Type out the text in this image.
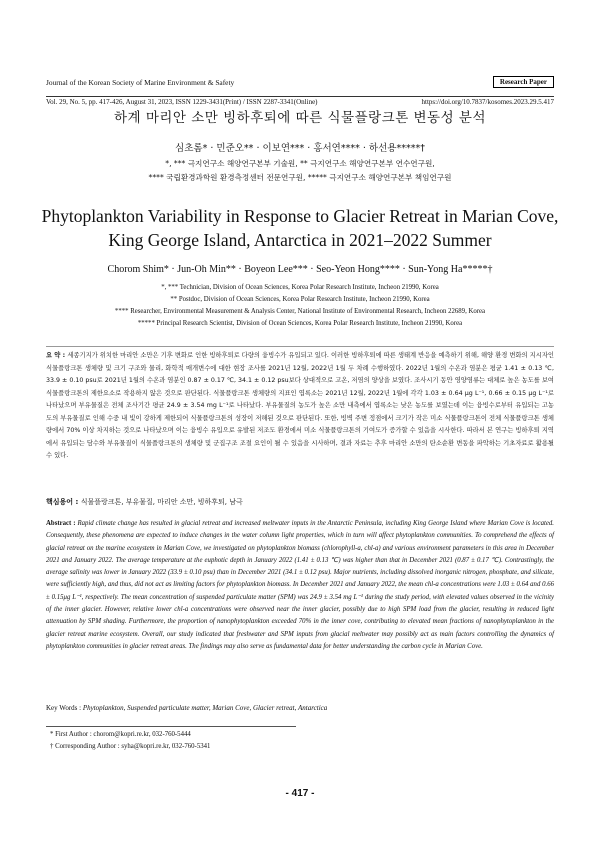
Journal of the Korean Society of Marine Environment & Safety	Research Paper
Vol. 29, No. 5, pp. 417-426, August 31, 2023, ISSN 1229-3431(Print) / ISSN 2287-3341(Online)	https://doi.org/10.7837/kosomes.2023.29.5.417
하계 마리안 소만 빙하후퇴에 따른 식물플랑크톤 변동성 분석
심초롬* · 민준오** · 이보연*** · 홍서연**** · 하선용*****†
*, *** 극지연구소 해양연구본부 기술원, ** 극지연구소 해양연구본부 연수연구원,
**** 국립환경과학원 환경측정센터 전문연구원, ***** 극지연구소 해양연구본부 책임연구원
Phytoplankton Variability in Response to Glacier Retreat in Marian Cove,
King George Island, Antarctica in 2021–2022 Summer
Chorom Shim* · Jun-Oh Min** · Boyeon Lee*** · Seo-Yeon Hong**** · Sun-Yong Ha*****†
*, *** Technician, Division of Ocean Sciences, Korea Polar Research Institute, Incheon 21990, Korea
** Postdoc, Division of Ocean Sciences, Korea Polar Research Institute, Incheon 21990, Korea
**** Researcher, Environmental Measurement & Analysis Center, National Institute of Environmental Research, Incheon 22689, Korea
***** Principal Research Scientist, Division of Ocean Sciences, Korea Polar Research Institute, Incheon 21990, Korea
요 약 : 세종기지가 위치한 마리안 소만은 기후 변화로 인한 빙하후퇴로 다량의 융빙수가 유입되고 있다. 이러한 빙하후퇴에 따른 생태계 반응을 예측하기 위해, 해양 환경 변화의 지시자인 식물플랑크톤 생체량 및 크기 구조와 물리, 화학적 매개변수에 대한 현장 조사를 2021년 12월, 2022년 1월 두 차례 수행하였다. 2022년 1월의 수온과 염분은 평균 1.41 ± 0.13 ℃, 33.9 ± 0.10 psu로 2021년 1월의 수온과 염분인 0.87 ± 0.17 ℃, 34.1 ± 0.12 psu보다 상대적으로 고온, 저염의 양상을 보였다. 조사시기 동안 영양염류는 대체로 높은 농도를 보여 식물플랑크톤의 제한요소로 작용하지 않은 것으로 판단된다. 식물플랑크톤 생체량의 지표인 엽록소는 2021년 12월, 2022년 1월에 각각 1.03 ± 0.64 μg L⁻¹, 0.66 ± 0.15 μg L⁻¹로 나타났으며 부유물질은 전체 조사기간 평균 24.9 ± 3.54 mg L⁻¹로 나타났다. 부유물질의 농도가 높은 소만 내측에서 엽록소는 낮은 농도를 보였는데 이는 융빙수로부터 유입되는 고농도의 부유물질로 인해 수중 내 빛이 강하게 제한되어 식물플랑크톤의 성장이 저해된 것으로 판단된다. 또한, 빙벽 주변 정점에서 크기가 작은 미소 식물플랑크톤이 전체 식물플랑크톤 생체량에서 70% 이상 차지하는 것으로 나타났으며 이는 융빙수 유입으로 유발된 저조도 환경에서 미소 식물플랑크톤의 기여도가 증가할 수 있음을 시사한다. 따라서 본 연구는 빙하후퇴 지역에서 유입되는 담수와 부유물질이 식물플랑크톤의 생체량 및 군집구조 조절 요인이 될 수 있음을 시사하며, 결과 자료는 추후 마리안 소만의 탄소순환 변동을 파악하는 기초자료로 활용될 수 있다.
핵심용어 : 식물플랑크톤, 부유물질, 마리안 소만, 빙하후퇴, 남극
Abstract : Rapid climate change has resulted in glacial retreat and increased meltwater inputs in the Antarctic Peninsula, including King George Island where Marian Cove is located. Consequently, these phenomena are expected to induce changes in the water column light properties, which in turn will affect phytoplankton communities. To comprehend the effects of glacial retreat on the marine ecosystem in Marian Cove, we investigated on phytoplankton biomass (chlorophyll-a, chl-a) and various environment parameters in this area in December 2021 and January 2022. The average temperature at the euphotic depth in January 2022 (1.41 ± 0.13 ℃) was higher than that in December 2021 (0.87 ± 0.17 ℃). Contrastingly, the average salinity was lower in January 2022 (33.9 ± 0.10 psu) than in December 2021 (34.1 ± 0.12 psu). Major nutrients, including dissolved inorganic nitrogen, phosphate, and silicate, were sufficiently high, and thus, did not act as limiting factors for phytoplankton biomass. In December 2021 and January 2022, the mean chl-a concentrations were 1.03 ± 0.64 and 0.66 ± 0.15μg L⁻¹, respectively. The mean concentration of suspended particulate matter (SPM) was 24.9 ± 3.54 mg L⁻¹ during the study period, with elevated values observed in the vicinity of the inner glacier. However, relative lower chl-a concentrations were observed near the inner glacier, possibly due to high SPM load from the glacier, resulting in reduced light attenuation by SPM shading. Furthermore, the proportion of nanophytoplankton exceeded 70% in the inner cove, contributing to elevated mean fractions of nanophytoplankton in the glacier retreat marine ecosystem. Overall, our study indicated that freshwater and SPM inputs from glacial meltwater may possibly act as main factors controlling the dynamics of phytoplankton communities in glacier retreat areas. The findings may also serve as fundamental data for better understanding the carbon cycle in Marian Cove.
Key Words : Phytoplankton, Suspended particulate matter, Marian Cove, Glacier retreat, Antarctica
* First Author : chorom@kopri.re.kr, 032-760-5444
† Corresponding Author : syha@kopri.re.kr, 032-760-5341
- 417 -
